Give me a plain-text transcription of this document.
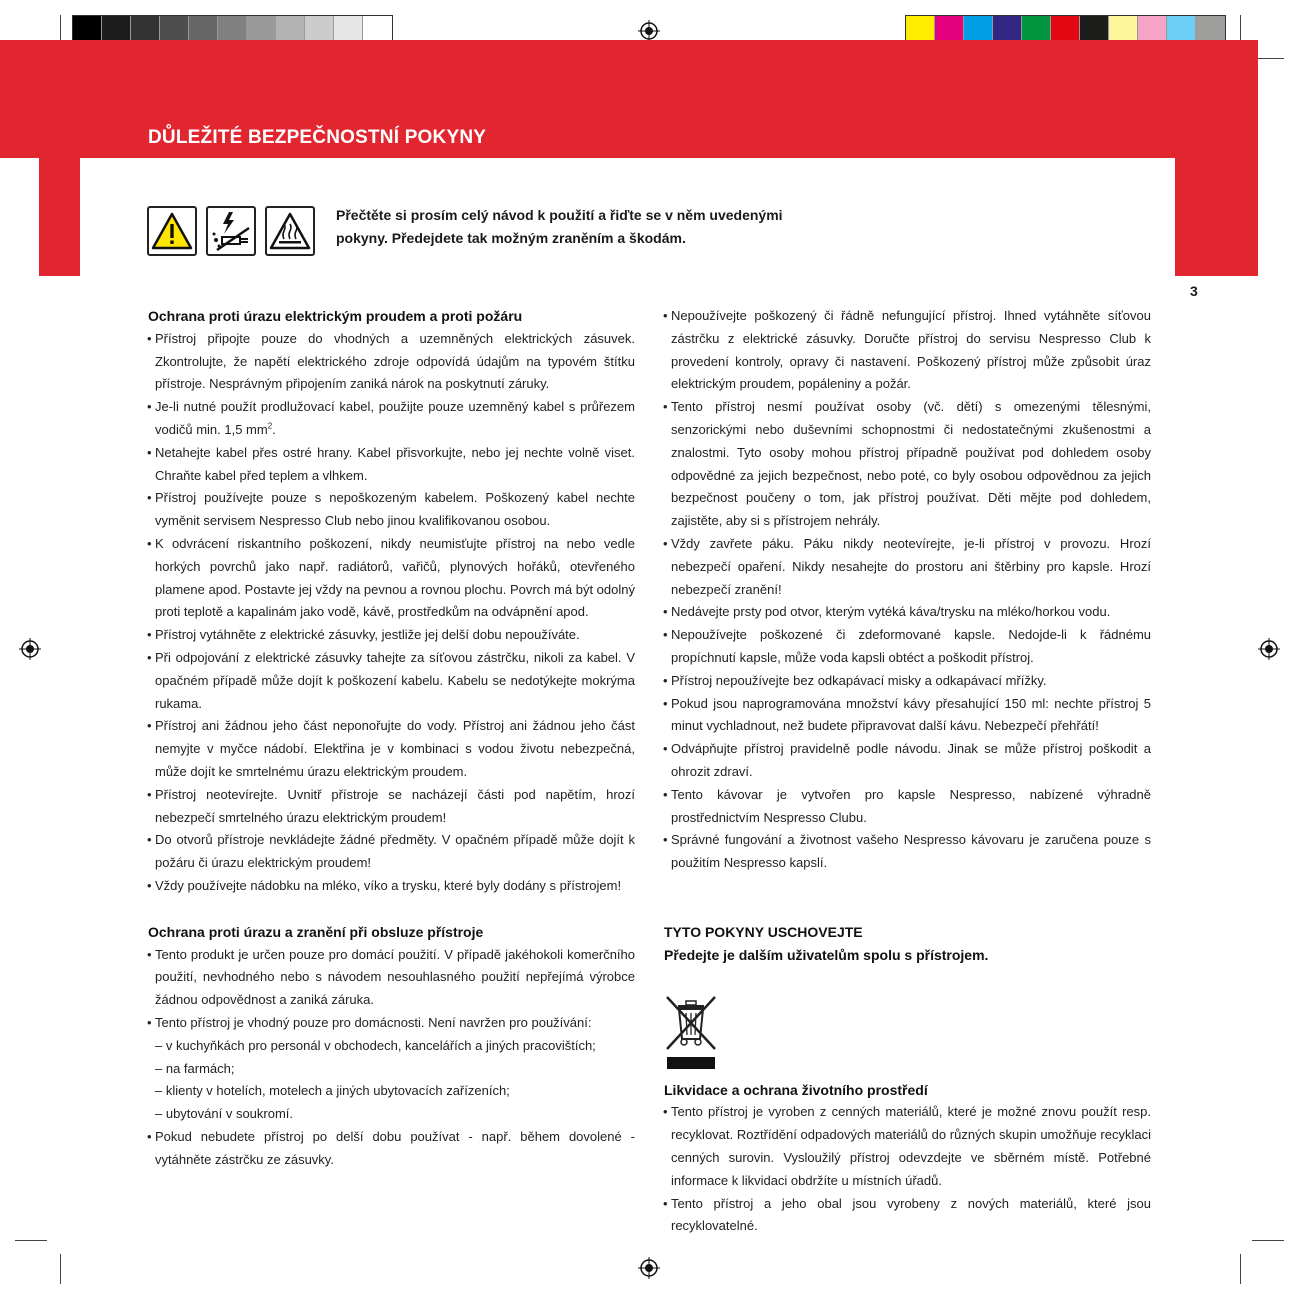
DŮLEŽITÉ BEZPEČNOSTNÍ POKYNY
3
Přečtěte si prosím celý návod k použití a řiďte se v něm uvedenými pokyny. Předejdete tak možným zraněním a škodám.

Ochrana proti úrazu elektrickým proudem a proti požáru

• Přístroj připojte pouze do vhodných a uzemněných elektrických zásuvek. Zkontrolujte, že napětí elektrického zdroje odpovídá údajům na typovém štítku přístroje. Nesprávným připojením zaniká nárok na poskytnutí záruky.
• Je-li nutné použít prodlužovací kabel, použijte pouze uzemněný kabel s průřezem vodičů min. 1,5 $mm^2$.
• Netahejte kabel přes ostré hrany. Kabel přisvorkujte, nebo jej nechte volně viset. Chraňte kabel před teplem a vlhkem.
• Přístroj používejte pouze s nepoškozeným kabelem. Poškozený kabel nechte vyměnit servisem Nespresso Club nebo jinou kvalifikovanou osobou.
• K odvrácení riskantního poškození, nikdy neumisťujte přístroj na nebo vedle horkých povrchů jako např. radiátorů, vařičů, plynových hořáků, otevřeného plamene apod. Postavte jej vždy na pevnou a rovnou plochu. Povrch má být odolný proti teplotě a kapalinám jako vodě, kávě, prostředkům na odvápnění apod.
• Přístroj vytáhněte z elektrické zásuvky, jestliže jej delší dobu nepoužíváte.
• Při odpojování z elektrické zásuvky tahejte za síťovou zástrčku, nikoli za kabel. V opačném případě může dojít k poškození kabelu. Kabelu se nedotýkejte mokrýma rukama.
• Přístroj ani žádnou jeho část neponořujte do vody. Přístroj ani žádnou jeho část nemyjte v myčce nádobí. Elektřina je v kombinaci s vodou životu nebezpečná, může dojít ke smrtelnému úrazu elektrickým proudem.
• Přístroj neotevírejte. Uvnitř přístroje se nacházejí části pod napětím, hrozí nebezpečí smrtelného úrazu elektrickým proudem!
• Do otvorů přístroje nevkládejte žádné předměty. V opačném případě může dojít k požáru či úrazu elektrickým proudem!
• Vždy používejte nádobku na mléko, víko a trysku, které byly dodány s přístrojem!

Ochrana proti úrazu a zranění při obsluze přístroje

• Tento produkt je určen pouze pro domácí použití. V případě jakéhokoli komerčního použití, nevhodného nebo s návodem nesouhlasného použití nepřejímá výrobce žádnou odpovědnost a zaniká záruka.
• Tento přístroj je vhodný pouze pro domácnosti. Není navržen pro používání:
– v kuchyňkách pro personál v obchodech, kancelářích a jiných pracovištích;
– na farmách;
– klienty v hotelích, motelech a jiných ubytovacích zařízeních;
– ubytování v soukromí.
• Pokud nebudete přístroj po delší dobu používat - např. během dovolené - vytáhněte zástrčku ze zásuvky.
• Nepoužívejte poškozený či řádně nefungující přístroj. Ihned vytáhněte síťovou zástrčku z elektrické zásuvky. Doručte přístroj do servisu Nespresso Club k provedení kontroly, opravy či nastavení. Poškozený přístroj může způsobit úraz elektrickým proudem, popáleniny a požár.
• Tento přístroj nesmí používat osoby (vč. dětí) s omezenými tělesnými, senzorickými nebo duševními schopnostmi či nedostatečnými zkušenostmi a znalostmi. Tyto osoby mohou přístroj případně používat pod dohledem osoby odpovědné za jejich bezpečnost, nebo poté, co byly osobou odpovědnou za jejich bezpečnost poučeny o tom, jak přístroj používat. Děti mějte pod dohledem, zajistěte, aby si s přístrojem nehrály.
• Vždy zavřete páku. Páku nikdy neotevírejte, je-li přístroj v provozu. Hrozí nebezpečí opaření. Nikdy nesahejte do prostoru ani štěrbiny pro kapsle. Hrozí nebezpečí zranění!
• Nedávejte prsty pod otvor, kterým vytéká káva/trysku na mléko/horkou vodu.
• Nepoužívejte poškozené či zdeformované kapsle. Nedojde-li k řádnému propíchnutí kapsle, může voda kapsli obtéct a poškodit přístroj.
• Přístroj nepoužívejte bez odkapávací misky a odkapávací mřížky.
• Pokud jsou naprogramována množství kávy přesahující 150 ml: nechte přístroj 5 minut vychladnout, než budete připravovat další kávu. Nebezpečí přehřátí!
• Odvápňujte přístroj pravidelně podle návodu. Jinak se může přístroj poškodit a ohrozit zdraví.
• Tento kávovar je vytvořen pro kapsle Nespresso, nabízené výhradně prostřednictvím Nespresso Clubu.
• Správné fungování a životnost vašeho Nespresso kávovaru je zaručena pouze s použitím Nespresso kapslí.

TYTO POKYNY USCHOVEJTE

Předejte je dalším uživatelům spolu s přístrojem.

Likvidace a ochrana životního prostředí

• Tento přístroj je vyroben z cenných materiálů, které je možné znovu použít resp. recyklovat. Roztřídění odpadových materiálů do různých skupin umožňuje recyklaci cenných surovin. Vysloužilý přístroj odevzdejte ve sběrném místě. Potřebné informace k likvidaci obdržíte u místních úřadů.
• Tento přístroj a jeho obal jsou vyrobeny z nových materiálů, které jsou recyklovatelné.
